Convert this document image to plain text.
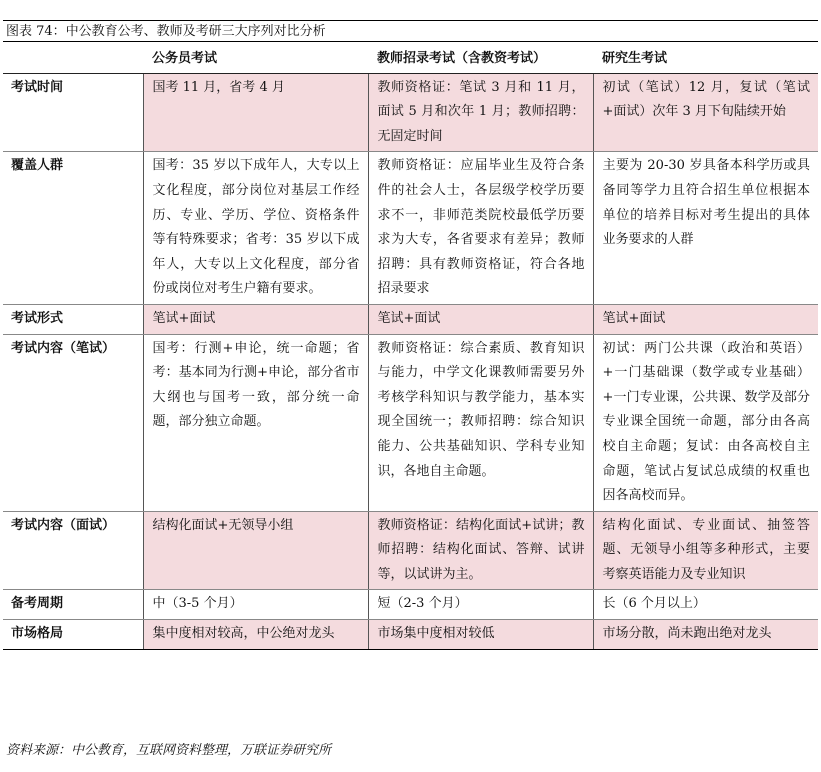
图表 74：中公教育公考、教师及考研三大序列对比分析
	公务员考试	教师招录考试（含教资考试）	研究生考试
考试时间	国考 11 月，省考 4 月	教师资格证：笔试 3 月和 11 月，面试 5 月和次年 1 月；教师招聘：无固定时间	初试（笔试）12 月，复试（笔试+面试）次年 3 月下旬陆续开始
覆盖人群	国考：35 岁以下成年人，大专以上文化程度，部分岗位对基层工作经历、专业、学历、学位、资格条件等有特殊要求；省考：35 岁以下成年人，大专以上文化程度，部分省份或岗位对考生户籍有要求。	教师资格证：应届毕业生及符合条件的社会人士，各层级学校学历要求不一，非师范类院校最低学历要求为大专，各省要求有差异；教师招聘：具有教师资格证，符合各地招录要求	主要为 20-30 岁具备本科学历或具备同等学力且符合招生单位根据本单位的培养目标对考生提出的具体业务要求的人群
考试形式	笔试+面试	笔试+面试	笔试+面试
考试内容（笔试）	国考：行测+申论，统一命题；省考：基本同为行测+申论，部分省市大纲也与国考一致，部分统一命题，部分独立命题。	教师资格证：综合素质、教育知识与能力，中学文化课教师需要另外考核学科知识与教学能力，基本实现全国统一；教师招聘：综合知识能力、公共基础知识、学科专业知识，各地自主命题。	初试：两门公共课（政治和英语）+一门基础课（数学或专业基础）+一门专业课，公共课、数学及部分专业课全国统一命题，部分由各高校自主命题；复试：由各高校自主命题，笔试占复试总成绩的权重也因各高校而异。
考试内容（面试）	结构化面试+无领导小组	教师资格证：结构化面试+试讲；教师招聘：结构化面试、答辩、试讲等，以试讲为主。	结构化面试、专业面试、抽签答题、无领导小组等多种形式，主要考察英语能力及专业知识
备考周期	中（3-5 个月）	短（2-3 个月）	长（6 个月以上）
市场格局	集中度相对较高，中公绝对龙头	市场集中度相对较低	市场分散，尚未跑出绝对龙头
资料来源：中公教育，互联网资料整理，万联证券研究所
